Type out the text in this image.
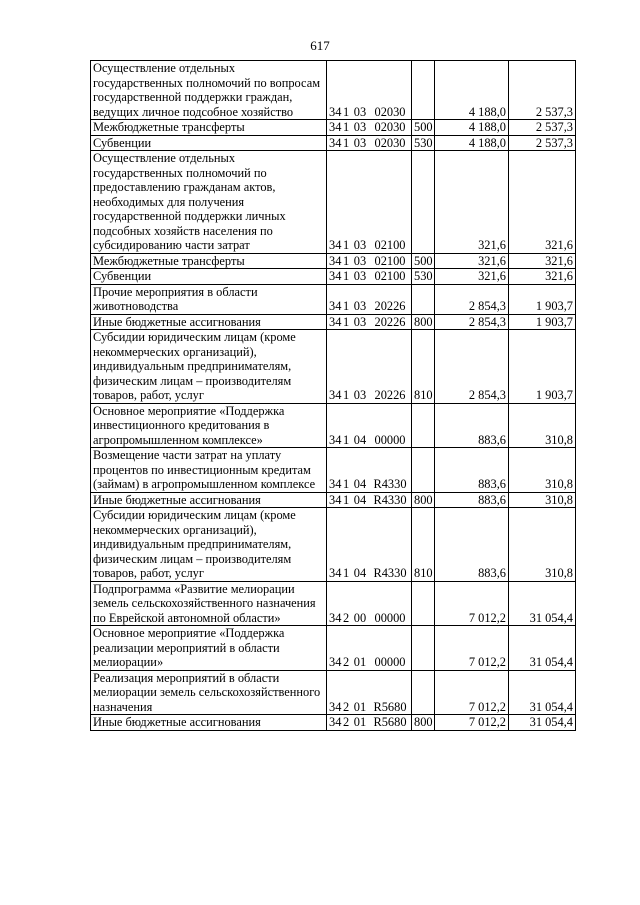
617
Осуществление отдельных государственных полномочий по вопросам государственной поддержки граждан, ведущих личное подсобное хозяйство	34	1	03	02030		4 188,0	2 537,3
Межбюджетные трансферты	34	1	03	02030	500	4 188,0	2 537,3
Субвенции	34	1	03	02030	530	4 188,0	2 537,3
Осуществление отдельных государственных полномочий по предоставлению гражданам актов, необходимых для получения государственной поддержки личных подсобных хозяйств населения по субсидированию части затрат	34	1	03	02100		321,6	321,6
Межбюджетные трансферты	34	1	03	02100	500	321,6	321,6
Субвенции	34	1	03	02100	530	321,6	321,6
Прочие мероприятия в области животноводства	34	1	03	20226		2 854,3	1 903,7
Иные бюджетные ассигнования	34	1	03	20226	800	2 854,3	1 903,7
Субсидии юридическим лицам (кроме некоммерческих организаций), индивидуальным предпринимателям, физическим лицам – производителям товаров, работ, услуг	34	1	03	20226	810	2 854,3	1 903,7
Основное мероприятие «Поддержка инвестиционного кредитования в агропромышленном комплексе»	34	1	04	00000		883,6	310,8
Возмещение части затрат на уплату процентов по инвестиционным кредитам (займам) в агропромышленном комплексе	34	1	04	R4330		883,6	310,8
Иные бюджетные ассигнования	34	1	04	R4330	800	883,6	310,8
Субсидии юридическим лицам (кроме некоммерческих организаций), индивидуальным предпринимателям, физическим лицам – производителям товаров, работ, услуг	34	1	04	R4330	810	883,6	310,8
Подпрограмма «Развитие мелиорации земель сельскохозяйственного назначения по Еврейской автономной области»	34	2	00	00000		7 012,2	31 054,4
Основное мероприятие «Поддержка реализации мероприятий в области мелиорации»	34	2	01	00000		7 012,2	31 054,4
Реализация мероприятий в области мелиорации земель сельскохозяйственного назначения	34	2	01	R5680		7 012,2	31 054,4
Иные бюджетные ассигнования	34	2	01	R5680	800	7 012,2	31 054,4
